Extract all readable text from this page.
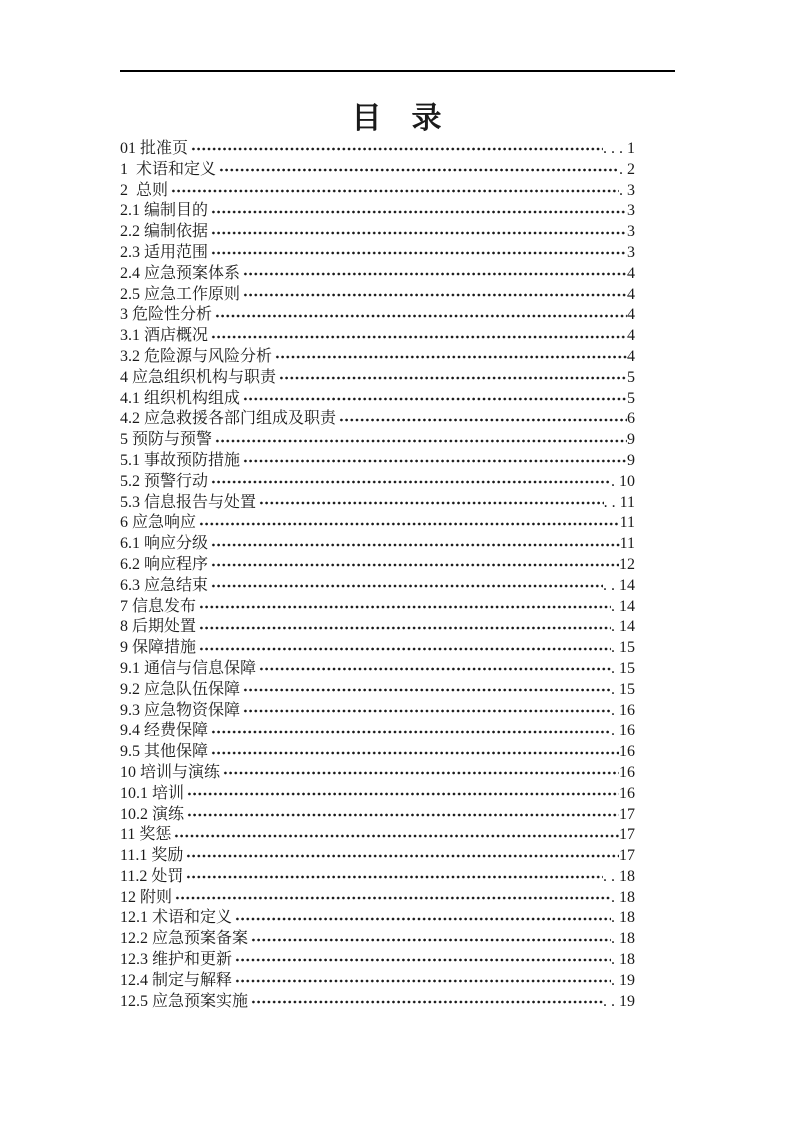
目    录
01 批准页	. . . 1
1  术语和定义	. 2
2  总则	. 3
2.1 编制目的	3
2.2 编制依据	3
2.3 适用范围	3
2.4 应急预案体系	4
2.5 应急工作原则	4
3 危险性分析	4
3.1 酒店概况	4
3.2 危险源与风险分析	4
4 应急组织机构与职责	5
4.1 组织机构组成	5
4.2 应急救援各部门组成及职责	6
5 预防与预警	9
5.1 事故预防措施	9
5.2 预警行动	. 10
5.3 信息报告与处置	. . 11
6 应急响应	11
6.1 响应分级	11
6.2 响应程序	12
6.3 应急结束	. . 14
7 信息发布	. 14
8 后期处置	. 14
9 保障措施	. 15
9.1 通信与信息保障	. 15
9.2 应急队伍保障	. 15
9.3 应急物资保障	. 16
9.4 经费保障	. 16
9.5 其他保障	16
10 培训与演练	16
10.1 培训	16
10.2 演练	17
11 奖惩	17
11.1 奖励	17
11.2 处罚	. . 18
12 附则	. 18
12.1 术语和定义	. 18
12.2 应急预案备案	. 18
12.3 维护和更新	. 18
12.4 制定与解释	. 19
12.5 应急预案实施	. . 19
